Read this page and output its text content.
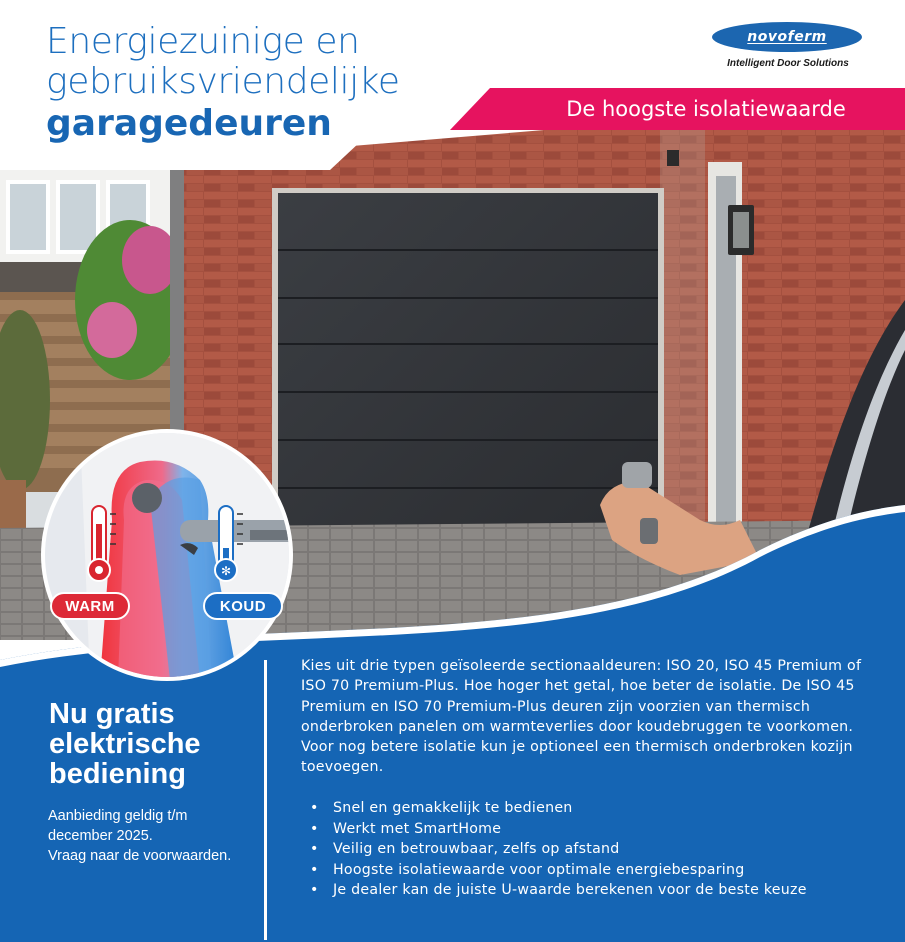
✻
Energiezuinige en
gebruiksvriendelijke
garagedeuren
novoferm
Intelligent Door Solutions
De hoogste isolatiewaarde
WARM	KOUD
Nu gratis
elektrische
bediening

Aanbieding geldig t/m
december 2025.
Vraag naar de voorwaarden.

Kies uit drie typen geïsoleerde sectionaaldeuren: ISO 20, ISO 45 Premium of ISO 70 Premium-Plus. Hoe hoger het getal, hoe beter de isolatie. De ISO 45 Premium en ISO 70 Premium-Plus deuren zijn voorzien van thermisch onderbroken panelen om warmteverlies door koudebruggen te voorkomen. Voor nog betere isolatie kun je optioneel een thermisch onderbroken kozijn toevoegen.

• Snel en gemakkelijk te bedienen
• Werkt met SmartHome
• Veilig en betrouwbaar, zelfs op afstand
• Hoogste isolatiewaarde voor optimale energiebesparing
• Je dealer kan de juiste U-waarde berekenen voor de beste keuze
